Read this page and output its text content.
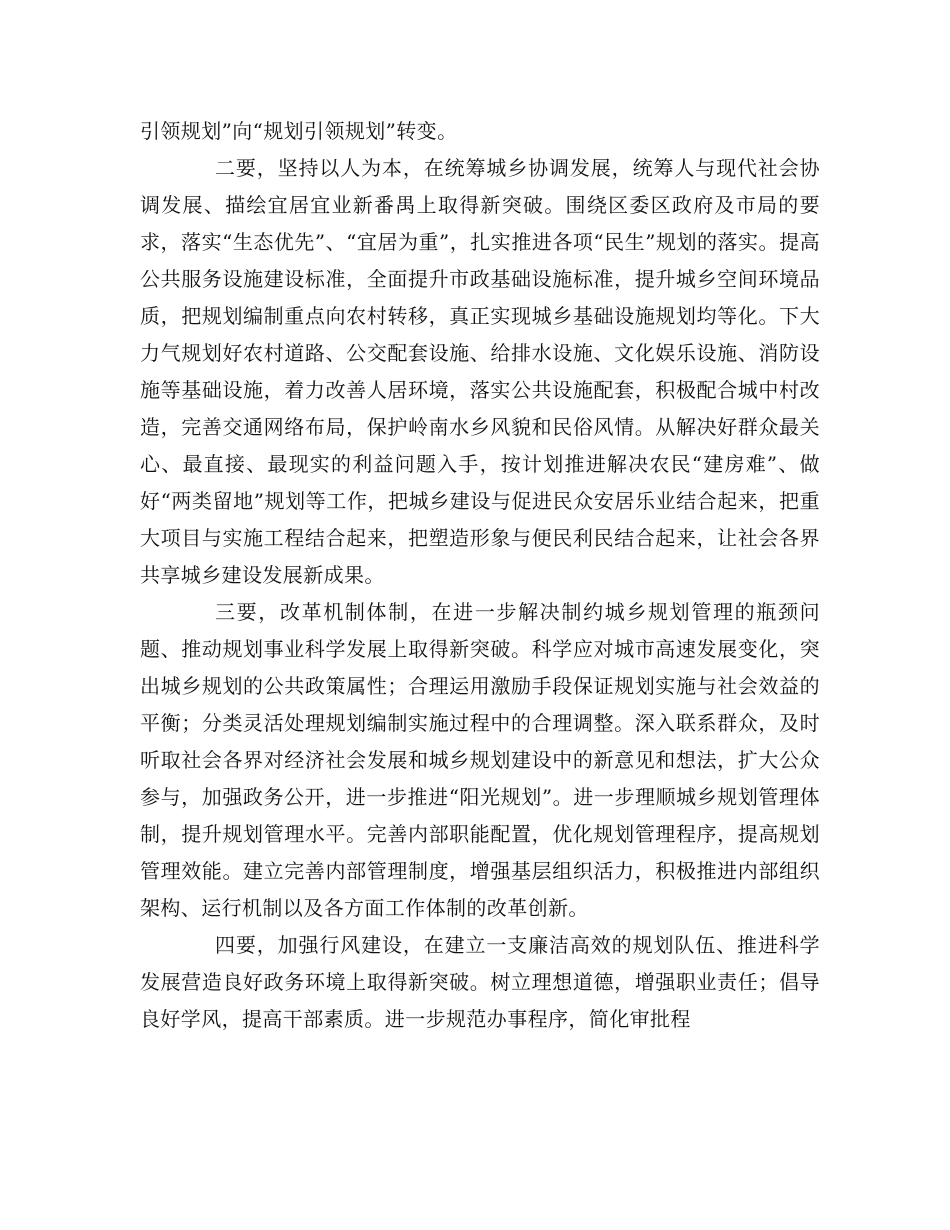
引领规划”向“规划引领规划”转变。

二要，坚持以人为本，在统筹城乡协调发展，统筹人与现代社会协调发展、描绘宜居宜业新番禺上取得新突破。围绕区委区政府及市局的要求，落实“生态优先”、“宜居为重”，扎实推进各项“民生”规划的落实。提高公共服务设施建设标准，全面提升市政基础设施标准，提升城乡空间环境品质，把规划编制重点向农村转移，真正实现城乡基础设施规划均等化。下大力气规划好农村道路、公交配套设施、给排水设施、文化娱乐设施、消防设施等基础设施，着力改善人居环境，落实公共设施配套，积极配合城中村改造，完善交通网络布局，保护岭南水乡风貌和民俗风情。从解决好群众最关心、最直接、最现实的利益问题入手，按计划推进解决农民“建房难”、做好“两类留地”规划等工作，把城乡建设与促进民众安居乐业结合起来，把重大项目与实施工程结合起来，把塑造形象与便民利民结合起来，让社会各界共享城乡建设发展新成果。

三要，改革机制体制，在进一步解决制约城乡规划管理的瓶颈问题、推动规划事业科学发展上取得新突破。科学应对城市高速发展变化，突出城乡规划的公共政策属性；合理运用激励手段保证规划实施与社会效益的平衡；分类灵活处理规划编制实施过程中的合理调整。深入联系群众，及时听取社会各界对经济社会发展和城乡规划建设中的新意见和想法，扩大公众参与，加强政务公开，进一步推进“阳光规划”。进一步理顺城乡规划管理体制，提升规划管理水平。完善内部职能配置，优化规划管理程序，提高规划管理效能。建立完善内部管理制度，增强基层组织活力，积极推进内部组织架构、运行机制以及各方面工作体制的改革创新。

四要，加强行风建设，在建立一支廉洁高效的规划队伍、推进科学发展营造良好政务环境上取得新突破。树立理想道德，增强职业责任；倡导良好学风，提高干部素质。进一步规范办事程序，简化审批程
